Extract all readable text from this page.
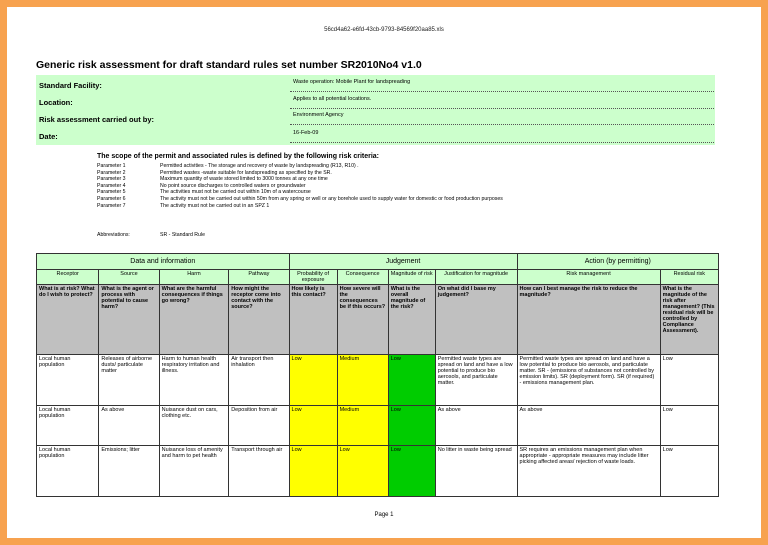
56cd4a62-e6fd-43cb-9793-84569f20aa85.xls
Generic risk assessment for draft standard rules set number SR2010No4 v1.0
Standard Facility:	Waste operation: Mobile Plant for landspreading
Location:	Applies to all potential locations.
Risk assessment carried out by:	Environment Agency
Date:	16-Feb-09
The scope of the permit and associated rules is defined by the following risk criteria:
Parameter 1	Permitted activities - The storage and recovery of waste by landspreading (R13, R10) .
Parameter 2	Permitted wastes -waste suitable for landspreading as specified by the SR.
Parameter 3	Maximum quantity of waste stored limited to 3000 tonnes at any one time
Parameter 4	No point source discharges to controlled waters or groundwater
Parameter 5	The activities must not be carried out within 10m of a watercourse
Parameter 6	The activity must not be carried out within 50m from any spring or well or any borehole used to supply water for domestic or food production purposes
Parameter 7	The activity must not be carried out in an SPZ 1
Abbreviations:	SR - Standard Rule
Data and information				Judgement				Action (by permitting)	
Receptor	Source	Harm	Pathway	Probability of exposure	Consequence	Magnitude of risk	Justification for magnitude	Risk management	Residual risk
What is at risk? What do I wish to protect?	What is the agent or process with potential to cause harm?	What are the harmful consequences if things go wrong?	How might the receptor come into contact with the source?	How likely is this contact?	How severe will the consequences be if this occurs?	What is the overall magnitude of the risk?	On what did I base my judgement?	How can I best manage the risk to reduce the magnitude?	What is the magnitude of the risk after management? (This residual risk will be controlled by Compliance Assessment).
Local human population	Releases of airborne dusts/ particulate matter	Harm to human health respiratory irritation and illness.	Air transport then inhalation	Low	Medium	Low	Permitted waste types are spread on land and have a low potential to produce bio aerosols, and particulate matter.	Permitted waste types are spread on land and have a low potential to produce bio aerosols, and particulate matter. SR - (emissions of substances not controlled by emission limits). SR (deployment form). SR (if required) - emissions management plan.	Low
Local human population	As above	Nuisance dust on cars, clothing etc.	Deposition from air	Low	Medium	Low	As above	As above	Low
Local human population	Emissions; litter	Nuisance loss of amenity and harm to pet health	Transport through air	Low	Low	Low	No litter in waste being spread	SR requires an emissions management plan when appropriate - appropriate measures may include litter picking affected areas/ rejection of waste loads.	Low
Page 1
